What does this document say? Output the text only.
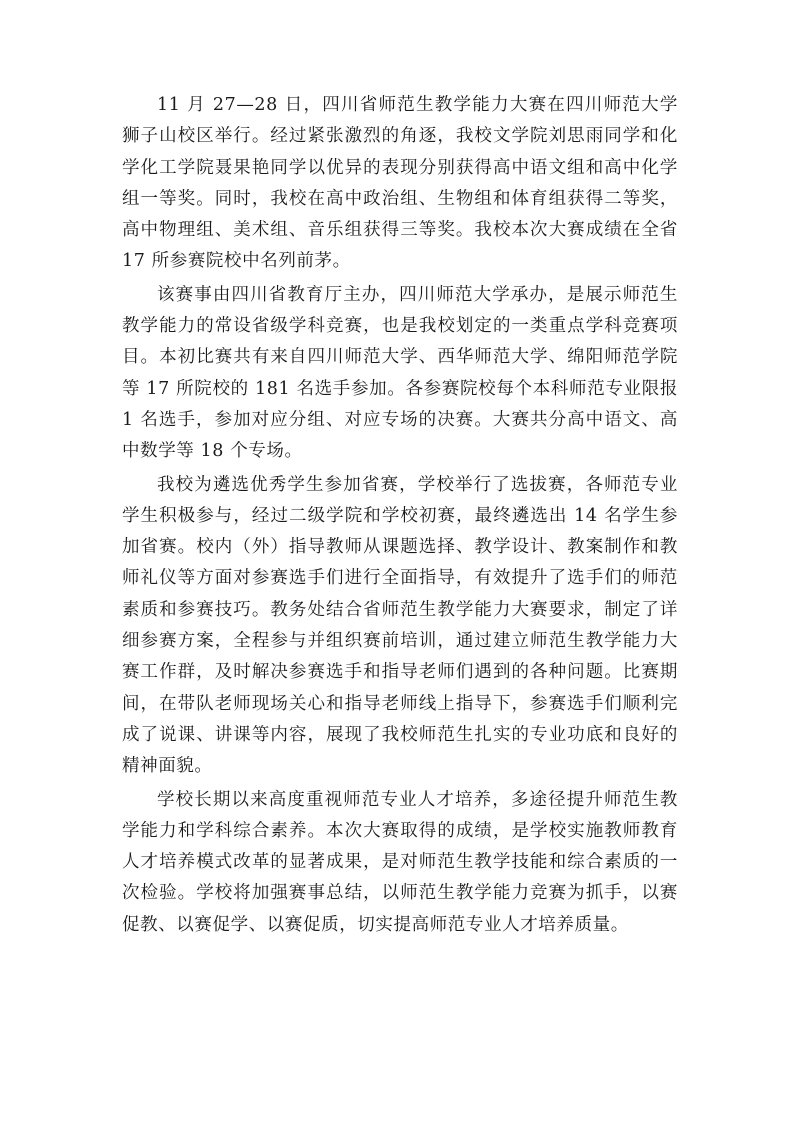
11 月 27—28 日，四川省师范生教学能力大赛在四川师范大学狮子山校区举行。经过紧张激烈的角逐，我校文学院刘思雨同学和化学化工学院聂果艳同学以优异的表现分别获得高中语文组和高中化学组一等奖。同时，我校在高中政治组、生物组和体育组获得二等奖，高中物理组、美术组、音乐组获得三等奖。我校本次大赛成绩在全省 17 所参赛院校中名列前茅。

该赛事由四川省教育厅主办，四川师范大学承办，是展示师范生教学能力的常设省级学科竞赛，也是我校划定的一类重点学科竞赛项目。本初比赛共有来自四川师范大学、西华师范大学、绵阳师范学院等 17 所院校的 181 名选手参加。各参赛院校每个本科师范专业限报 1 名选手，参加对应分组、对应专场的决赛。大赛共分高中语文、高中数学等 18 个专场。

我校为遴选优秀学生参加省赛，学校举行了选拔赛，各师范专业学生积极参与，经过二级学院和学校初赛，最终遴选出 14 名学生参加省赛。校内（外）指导教师从课题选择、教学设计、教案制作和教师礼仪等方面对参赛选手们进行全面指导，有效提升了选手们的师范素质和参赛技巧。教务处结合省师范生教学能力大赛要求，制定了详细参赛方案，全程参与并组织赛前培训，通过建立师范生教学能力大赛工作群，及时解决参赛选手和指导老师们遇到的各种问题。比赛期间，在带队老师现场关心和指导老师线上指导下，参赛选手们顺利完成了说课、讲课等内容，展现了我校师范生扎实的专业功底和良好的精神面貌。

学校长期以来高度重视师范专业人才培养，多途径提升师范生教学能力和学科综合素养。本次大赛取得的成绩，是学校实施教师教育人才培养模式改革的显著成果，是对师范生教学技能和综合素质的一次检验。学校将加强赛事总结，以师范生教学能力竞赛为抓手，以赛促教、以赛促学、以赛促质，切实提高师范专业人才培养质量。
